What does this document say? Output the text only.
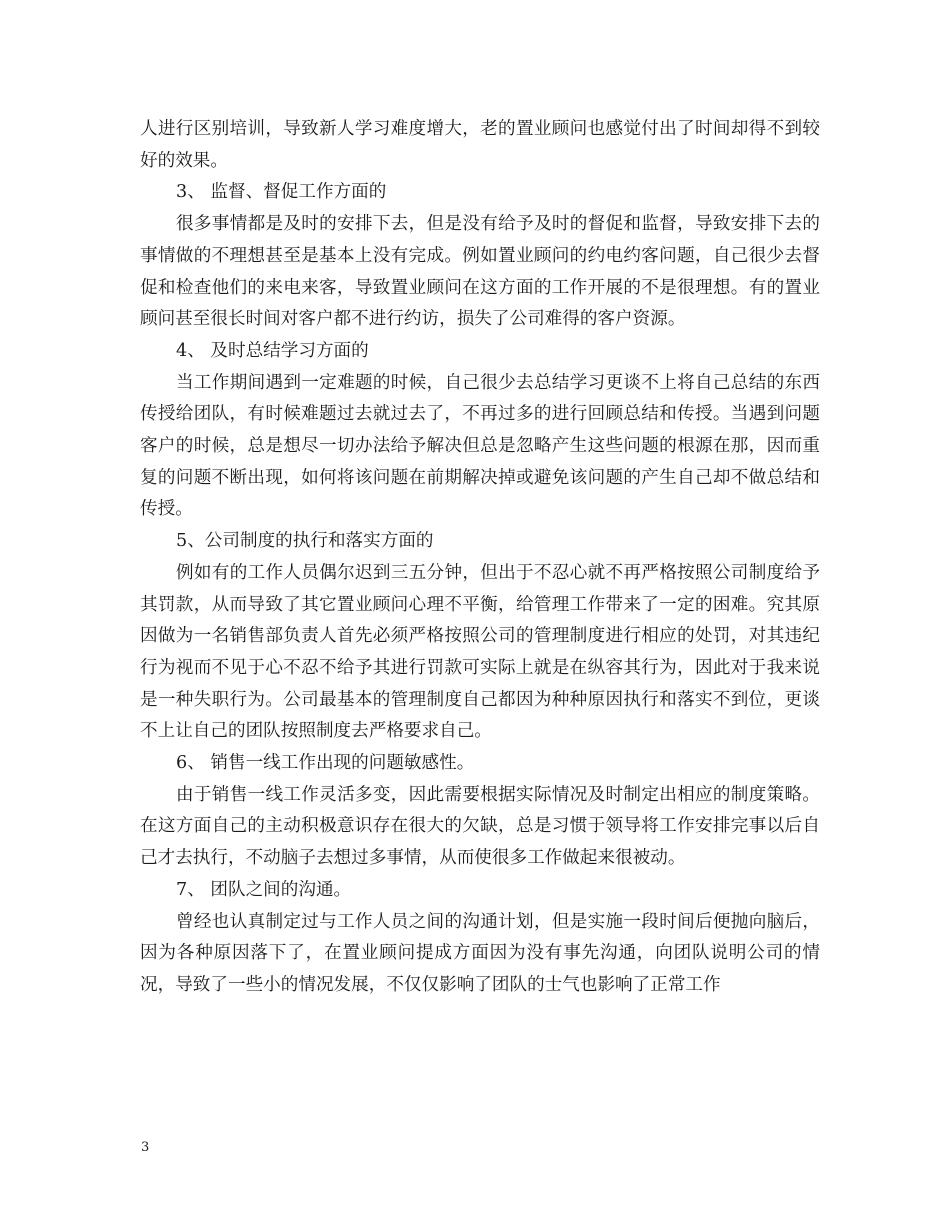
人进行区别培训，导致新人学习难度增大，老的置业顾问也感觉付出了时间却得不到较好的效果。

3、 监督、督促工作方面的

很多事情都是及时的安排下去，但是没有给予及时的督促和监督，导致安排下去的事情做的不理想甚至是基本上没有完成。例如置业顾问的约电约客问题，自己很少去督促和检查他们的来电来客，导致置业顾问在这方面的工作开展的不是很理想。有的置业顾问甚至很长时间对客户都不进行约访，损失了公司难得的客户资源。

4、 及时总结学习方面的

当工作期间遇到一定难题的时候，自己很少去总结学习更谈不上将自己总结的东西传授给团队，有时候难题过去就过去了，不再过多的进行回顾总结和传授。当遇到问题客户的时候，总是想尽一切办法给予解决但总是忽略产生这些问题的根源在那，因而重复的问题不断出现，如何将该问题在前期解决掉或避免该问题的产生自己却不做总结和传授。

5、公司制度的执行和落实方面的

例如有的工作人员偶尔迟到三五分钟，但出于不忍心就不再严格按照公司制度给予其罚款，从而导致了其它置业顾问心理不平衡，给管理工作带来了一定的困难。究其原因做为一名销售部负责人首先必须严格按照公司的管理制度进行相应的处罚，对其违纪行为视而不见于心不忍不给予其进行罚款可实际上就是在纵容其行为，因此对于我来说是一种失职行为。公司最基本的管理制度自己都因为种种原因执行和落实不到位，更谈不上让自己的团队按照制度去严格要求自己。

6、 销售一线工作出现的问题敏感性。

由于销售一线工作灵活多变，因此需要根据实际情况及时制定出相应的制度策略。在这方面自己的主动积极意识存在很大的欠缺，总是习惯于领导将工作安排完事以后自己才去执行，不动脑子去想过多事情，从而使很多工作做起来很被动。

7、 团队之间的沟通。

曾经也认真制定过与工作人员之间的沟通计划，但是实施一段时间后便抛向脑后，因为各种原因落下了，在置业顾问提成方面因为没有事先沟通，向团队说明公司的情况，导致了一些小的情况发展，不仅仅影响了团队的士气也影响了正常工作

3
